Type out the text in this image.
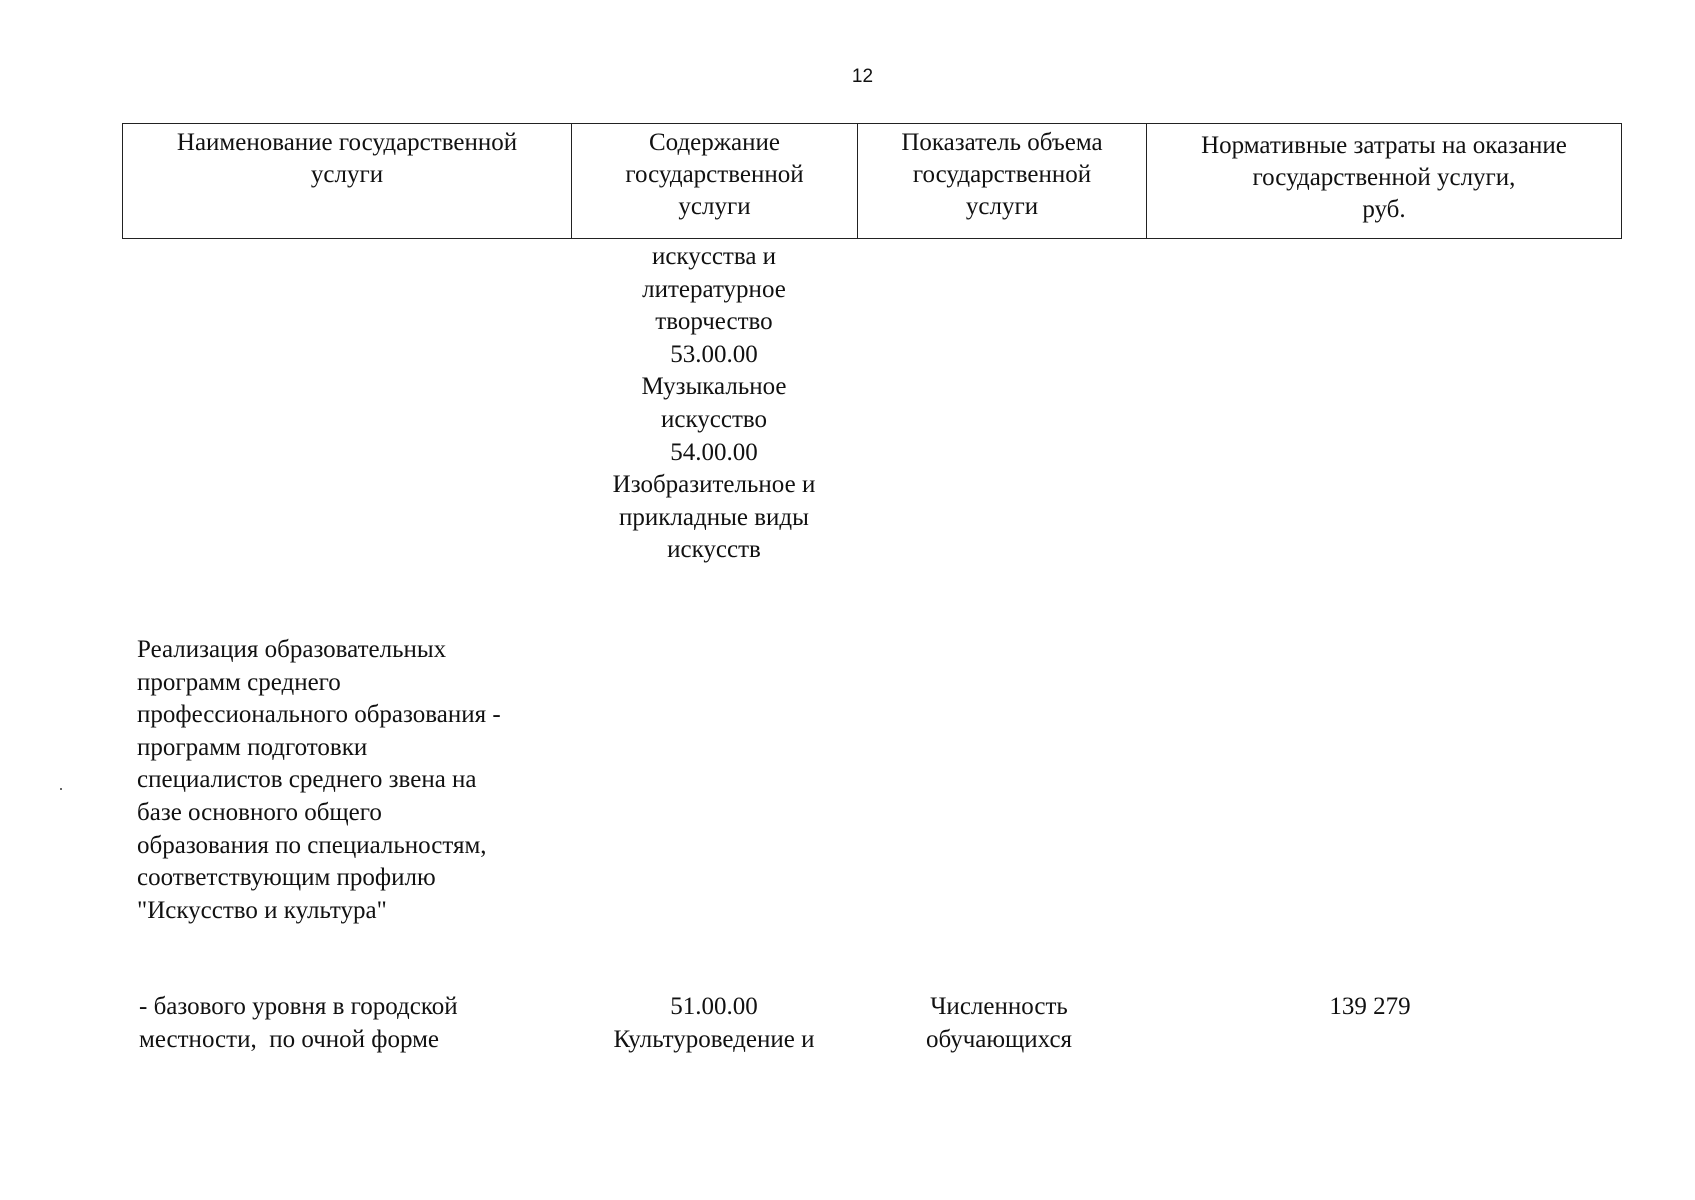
12
Наименование государственной
услуги
Содержание
государственной
услуги
Показатель объема
государственной
услуги
Нормативные затраты на оказание
государственной услуги,
руб.
искусства и
литературное
творчество
53.00.00
Музыкальное
искусство
54.00.00
Изобразительное и
прикладные виды
искусств
Реализация образовательных
программ среднего
профессионального образования -
программ подготовки
специалистов среднего звена на
базе основного общего
образования по специальностям,
соответствующим профилю
"Искусство и культура"
- базового уровня в городской
местности,  по очной форме
51.00.00
Культуроведение и
Численность
обучающихся
139 279
